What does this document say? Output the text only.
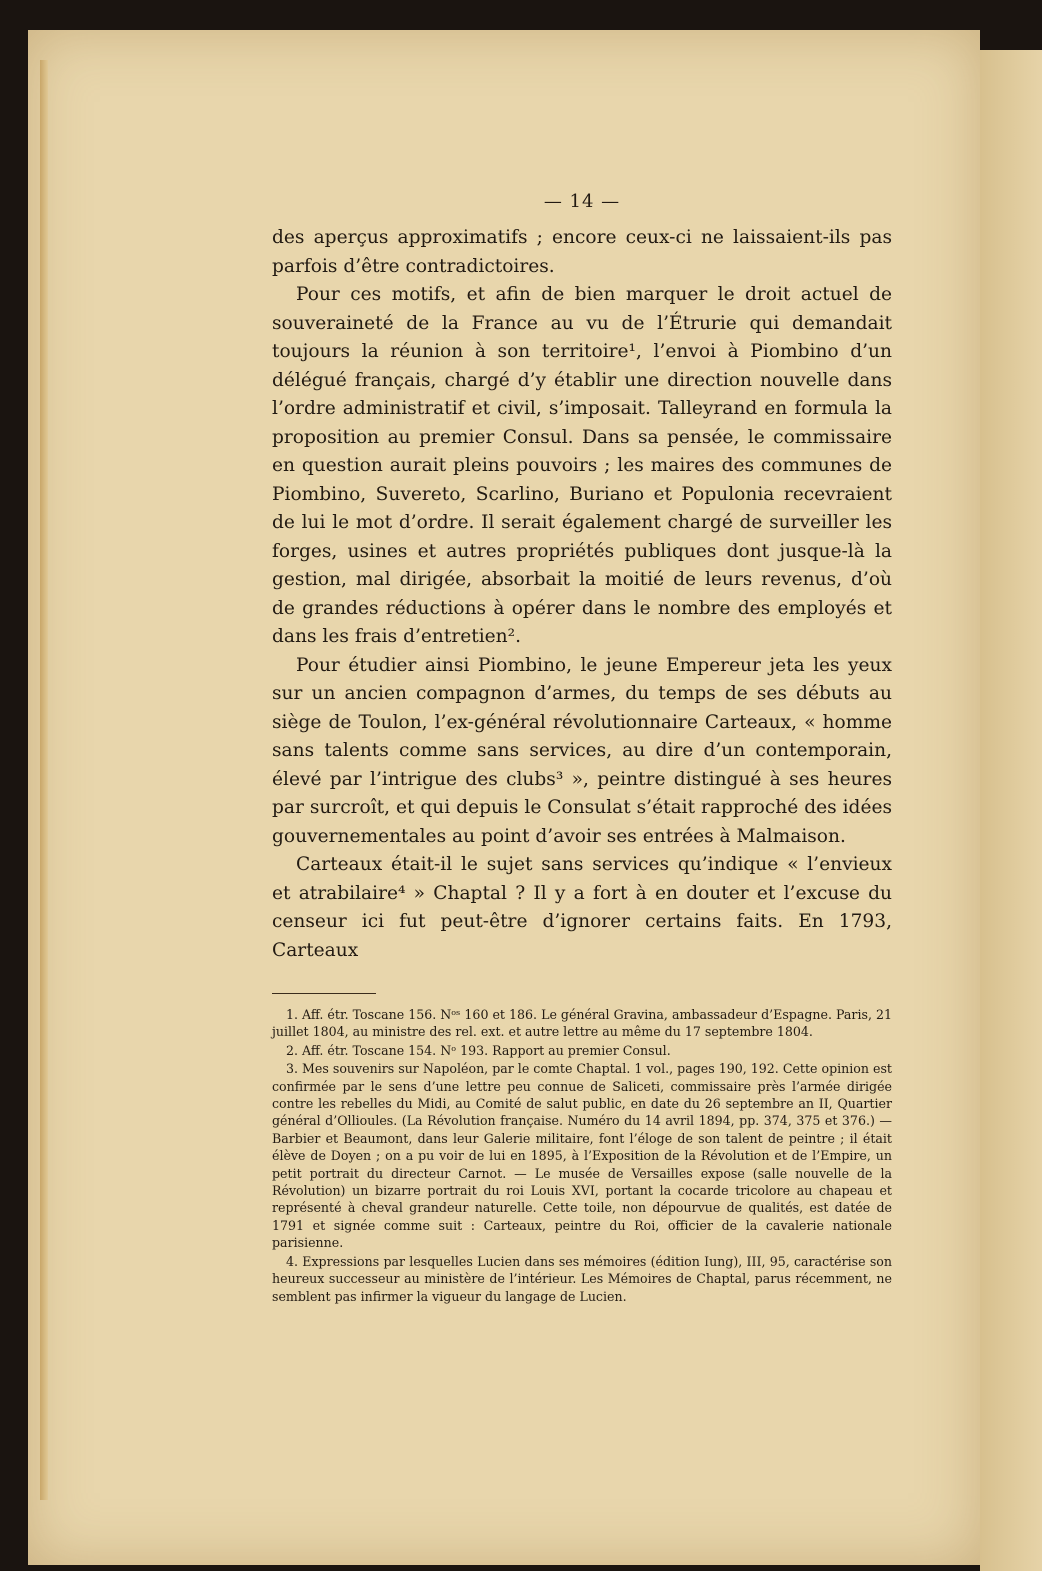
— 14 —

des aperçus approximatifs ; encore ceux-ci ne laissaient-ils pas parfois d’être contradictoires.

Pour ces motifs, et afin de bien marquer le droit actuel de souveraineté de la France au vu de l’Étrurie qui demandait toujours la réunion à son territoire¹, l’envoi à Piombino d’un délégué français, chargé d’y établir une direction nouvelle dans l’ordre administratif et civil, s’imposait. Talleyrand en formula la proposition au premier Consul. Dans sa pensée, le commissaire en question aurait pleins pouvoirs ; les maires des communes de Piombino, Suvereto, Scarlino, Buriano et Populonia recevraient de lui le mot d’ordre. Il serait également chargé de surveiller les forges, usines et autres propriétés publiques dont jusque-là la gestion, mal dirigée, absorbait la moitié de leurs revenus, d’où de grandes réductions à opérer dans le nombre des employés et dans les frais d’entretien².

Pour étudier ainsi Piombino, le jeune Empereur jeta les yeux sur un ancien compagnon d’armes, du temps de ses débuts au siège de Toulon, l’ex-général révolutionnaire Carteaux, « homme sans talents comme sans services, au dire d’un contemporain, élevé par l’intrigue des clubs³ », peintre distingué à ses heures par surcroît, et qui depuis le Consulat s’était rapproché des idées gouvernementales au point d’avoir ses entrées à Malmaison.

Carteaux était-il le sujet sans services qu’indique « l’envieux et atrabilaire⁴ » Chaptal ? Il y a fort à en douter et l’excuse du censeur ici fut peut-être d’ignorer certains faits. En 1793, Carteaux

1. Aff. étr. Toscane 156. Nᵒˢ 160 et 186. Le général Gravina, ambassadeur d’Espagne. Paris, 21 juillet 1804, au ministre des rel. ext. et autre lettre au même du 17 septembre 1804.

2. Aff. étr. Toscane 154. Nᵒ 193. Rapport au premier Consul.

3. Mes souvenirs sur Napoléon, par le comte Chaptal. 1 vol., pages 190, 192. Cette opinion est confirmée par le sens d’une lettre peu connue de Saliceti, commissaire près l’armée dirigée contre les rebelles du Midi, au Comité de salut public, en date du 26 septembre an II, Quartier général d’Ollioules. (La Révolution française. Numéro du 14 avril 1894, pp. 374, 375 et 376.) — Barbier et Beaumont, dans leur Galerie militaire, font l’éloge de son talent de peintre ; il était élève de Doyen ; on a pu voir de lui en 1895, à l’Exposition de la Révolution et de l’Empire, un petit portrait du directeur Carnot. — Le musée de Versailles expose (salle nouvelle de la Révolution) un bizarre portrait du roi Louis XVI, portant la cocarde tricolore au chapeau et représenté à cheval grandeur naturelle. Cette toile, non dépourvue de qualités, est datée de 1791 et signée comme suit : Carteaux, peintre du Roi, officier de la cavalerie nationale parisienne.

4. Expressions par lesquelles Lucien dans ses mémoires (édition Iung), III, 95, caractérise son heureux successeur au ministère de l’intérieur. Les Mémoires de Chaptal, parus récemment, ne semblent pas infirmer la vigueur du langage de Lucien.
